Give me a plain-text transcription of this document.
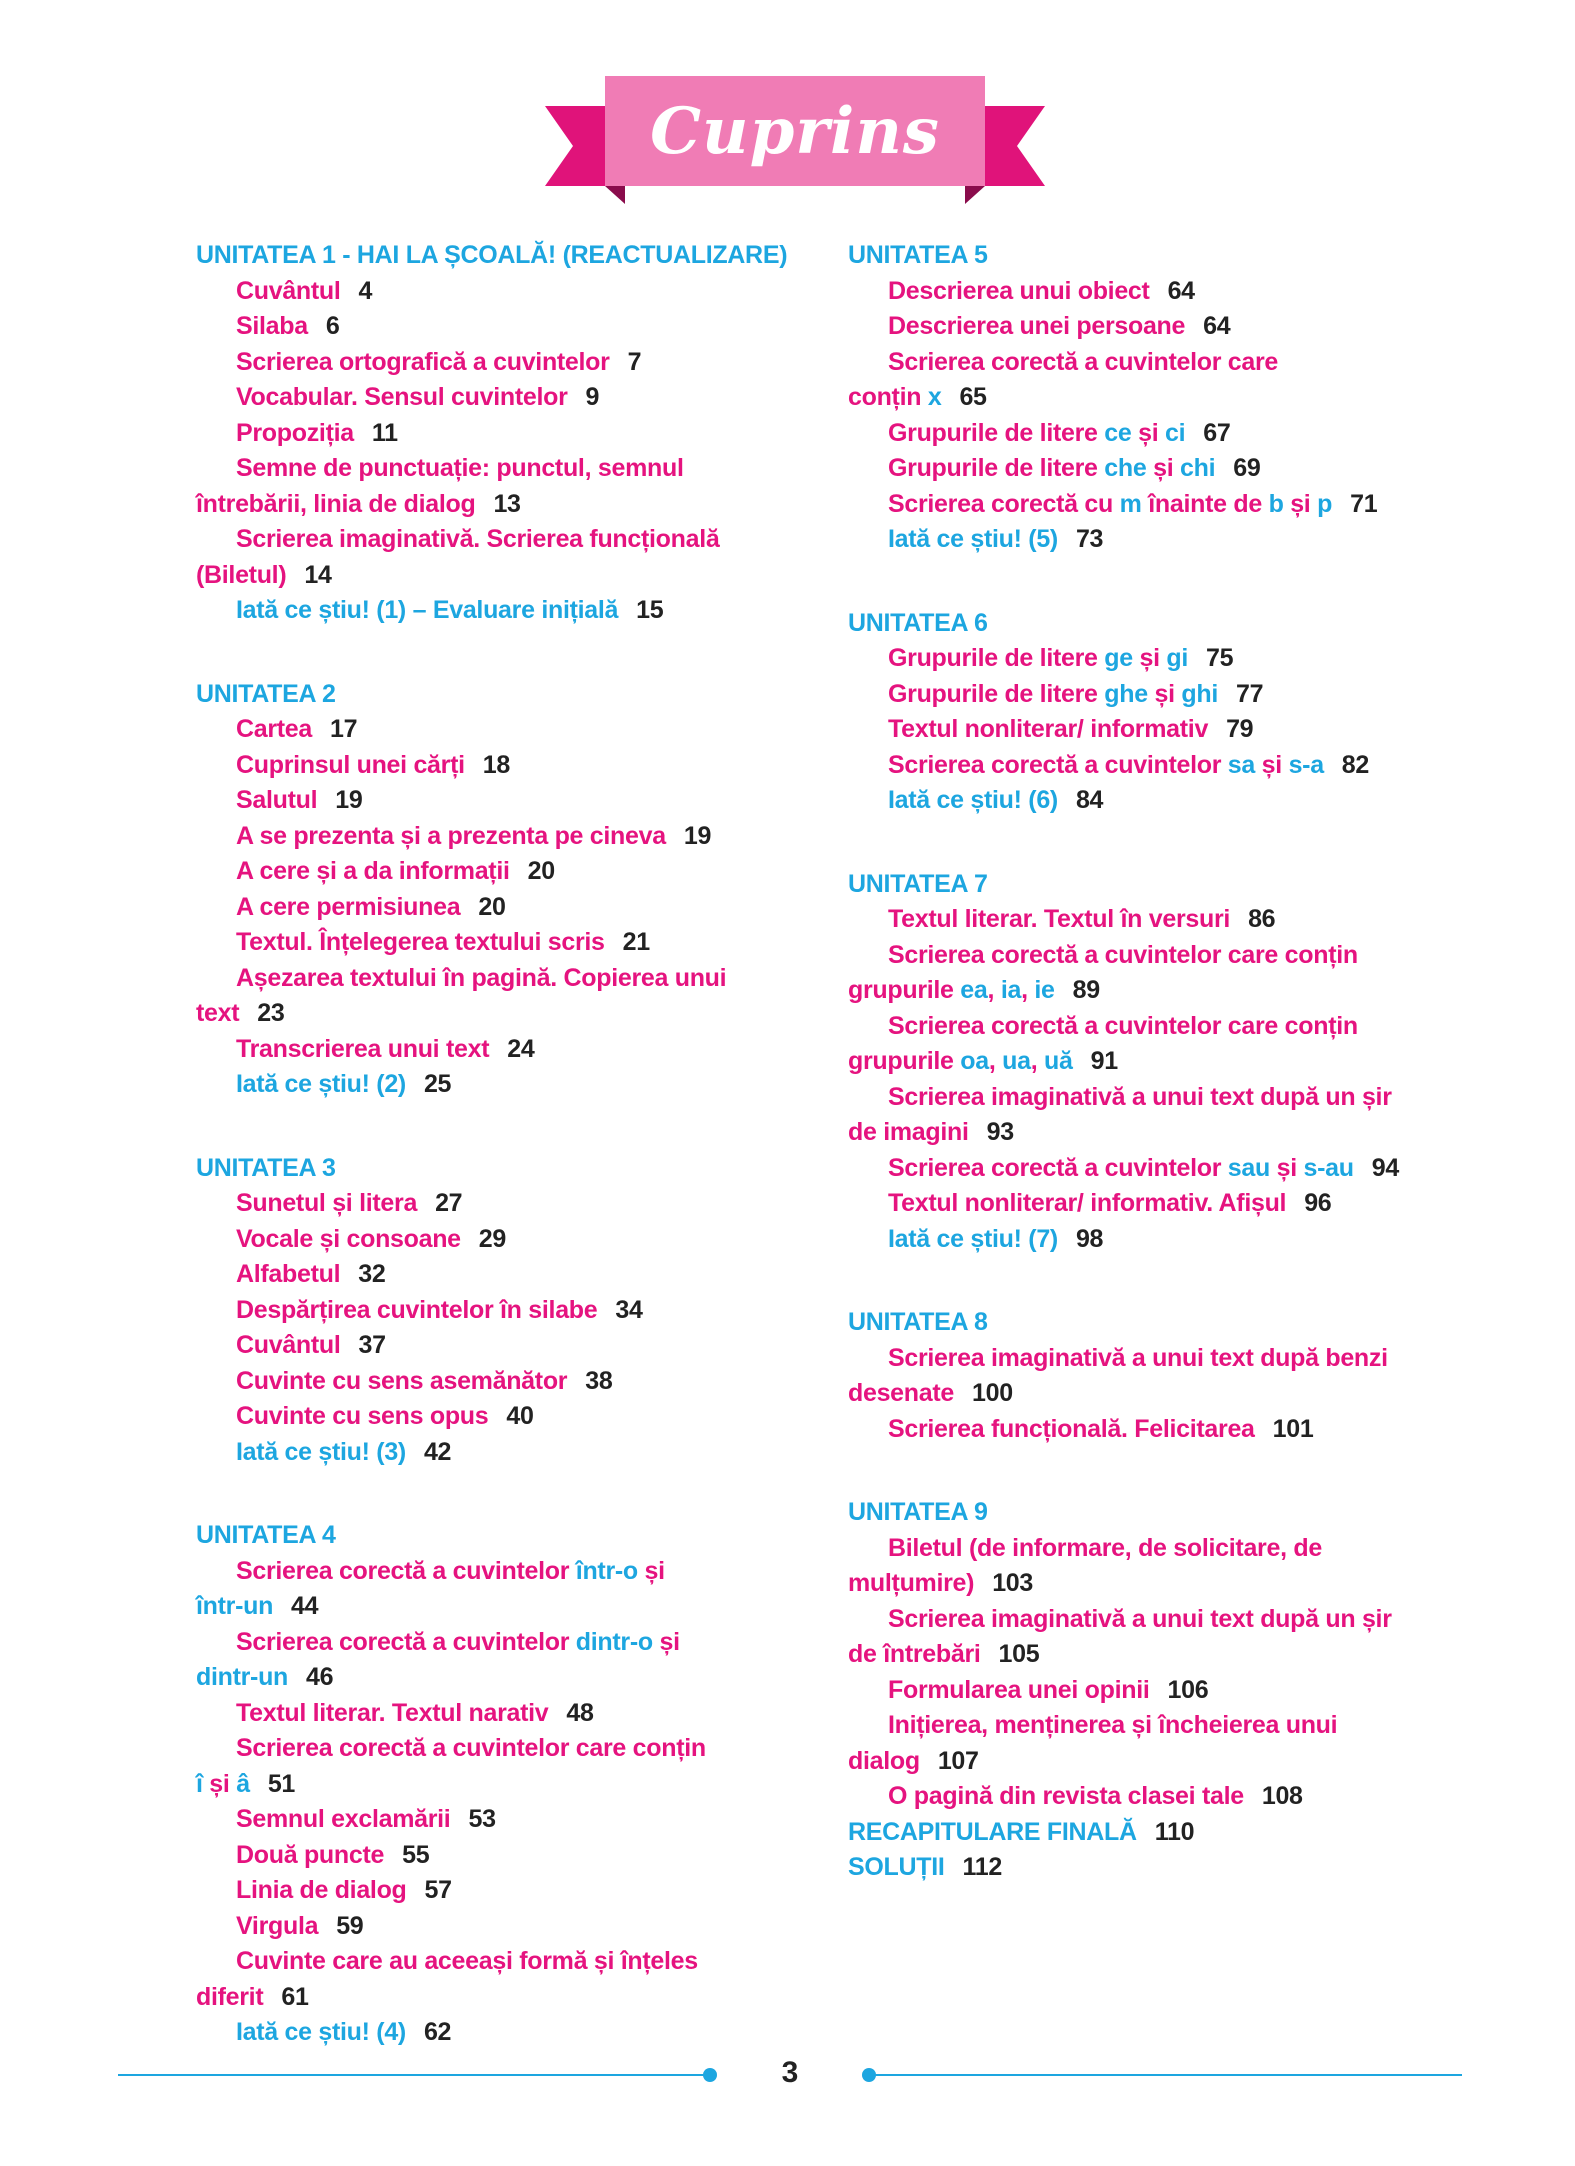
Cuprins
UNITATEA 1 - HAI LA ȘCOALĂ! (REACTUALIZARE)
Cuvântul 4
Silaba 6
Scrierea ortografică a cuvintelor 7
Vocabular. Sensul cuvintelor 9
Propoziția 11
Semne de punctuație: punctul, semnul
întrebării, linia de dialog 13
Scrierea imaginativă. Scrierea funcțională
(Biletul) 14
Iată ce știu! (1) – Evaluare inițială 15
UNITATEA 2
Cartea 17
Cuprinsul unei cărți 18
Salutul 19
A se prezenta și a prezenta pe cineva 19
A cere și a da informații 20
A cere permisiunea 20
Textul. Înțelegerea textului scris 21
Așezarea textului în pagină. Copierea unui
text 23
Transcrierea unui text 24
Iată ce știu! (2) 25
UNITATEA 3
Sunetul și litera 27
Vocale și consoane 29
Alfabetul 32
Despărțirea cuvintelor în silabe 34
Cuvântul 37
Cuvinte cu sens asemănător 38
Cuvinte cu sens opus 40
Iată ce știu! (3) 42
UNITATEA 4
Scrierea corectă a cuvintelor într-o și
într-un 44
Scrierea corectă a cuvintelor dintr-o și
dintr-un 46
Textul literar. Textul narativ 48
Scrierea corectă a cuvintelor care conțin
î și â 51
Semnul exclamării 53
Două puncte 55
Linia de dialog 57
Virgula 59
Cuvinte care au aceeași formă și înțeles
diferit 61
Iată ce știu! (4) 62
UNITATEA 5
Descrierea unui obiect 64
Descrierea unei persoane 64
Scrierea corectă a cuvintelor care
conțin x 65
Grupurile de litere ce și ci 67
Grupurile de litere che și chi 69
Scrierea corectă cu m înainte de b și p 71
Iată ce știu! (5) 73
UNITATEA 6
Grupurile de litere ge și gi 75
Grupurile de litere ghe și ghi 77
Textul nonliterar/ informativ 79
Scrierea corectă a cuvintelor sa și s-a 82
Iată ce știu! (6) 84
UNITATEA 7
Textul literar. Textul în versuri 86
Scrierea corectă a cuvintelor care conțin
grupurile ea, ia, ie 89
Scrierea corectă a cuvintelor care conțin
grupurile oa, ua, uă 91
Scrierea imaginativă a unui text după un șir
de imagini 93
Scrierea corectă a cuvintelor sau și s-au 94
Textul nonliterar/ informativ. Afișul 96
Iată ce știu! (7) 98
UNITATEA 8
Scrierea imaginativă a unui text după benzi
desenate 100
Scrierea funcțională. Felicitarea 101
UNITATEA 9
Biletul (de informare, de solicitare, de
mulțumire) 103
Scrierea imaginativă a unui text după un șir
de întrebări 105
Formularea unei opinii 106
Inițierea, menținerea și încheierea unui
dialog 107
O pagină din revista clasei tale 108
RECAPITULARE FINALĂ 110
SOLUȚII 112
3
